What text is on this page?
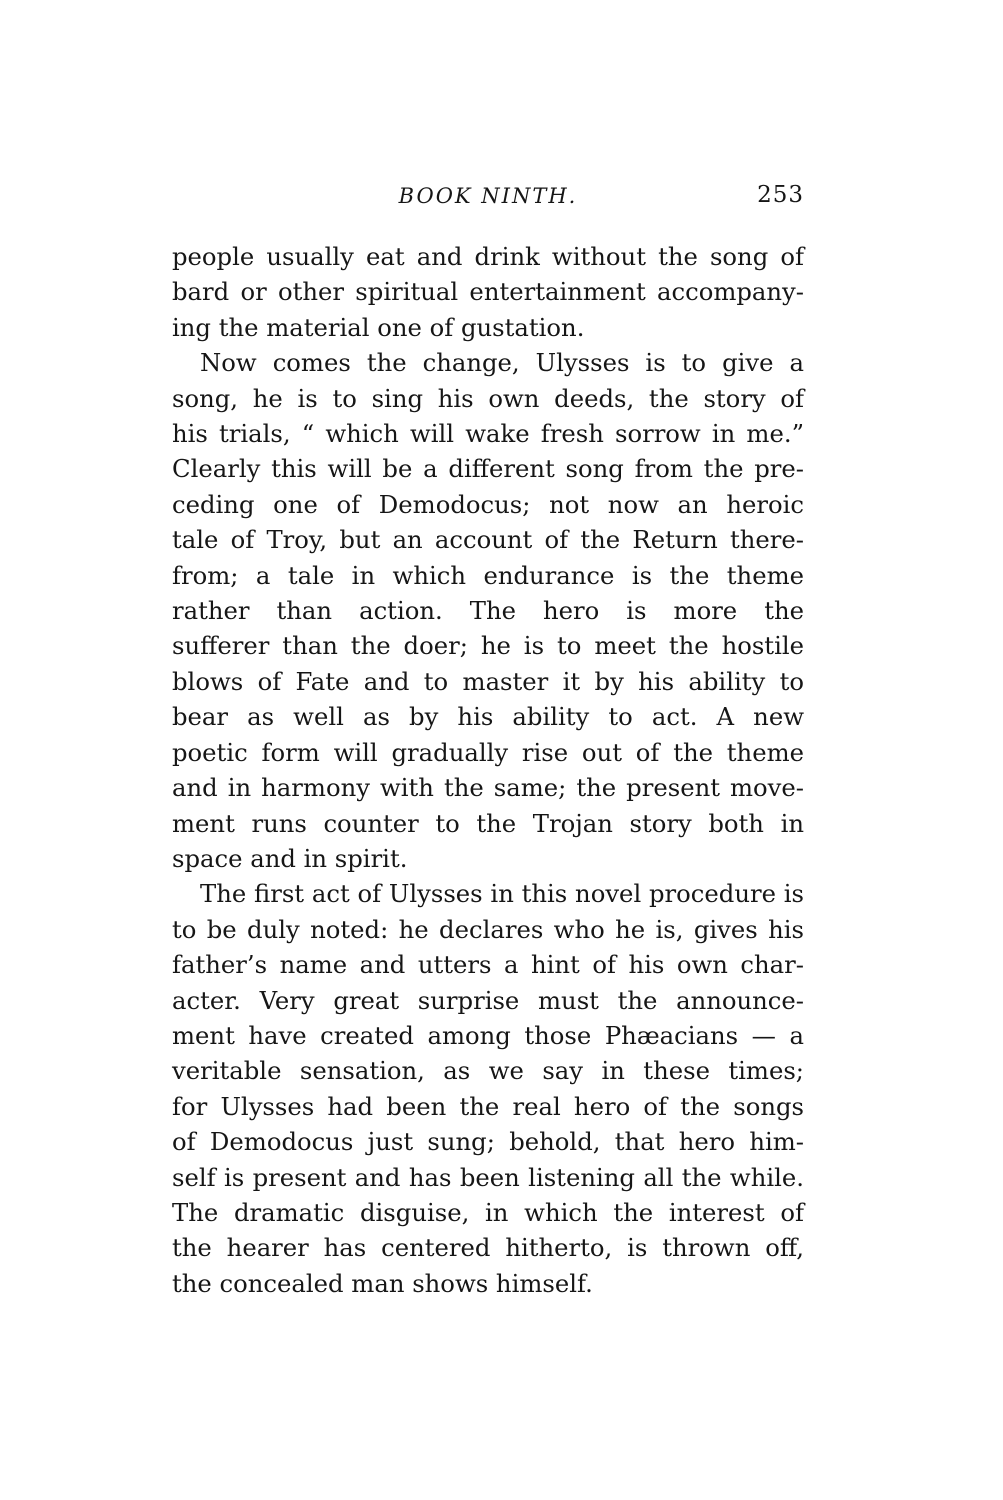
BOOK NINTH.	253

people usually eat and drink without the song of
bard or other spiritual entertainment accompany-
ing the material one of gustation.

Now comes the change, Ulysses is to give a
song, he is to sing his own deeds, the story of
his trials, “ which will wake fresh sorrow in me.”
Clearly this will be a different song from the pre-
ceding one of Demodocus; not now an heroic
tale of Troy, but an account of the Return there-
from; a tale in which endurance is the theme
rather than action. The hero is more the
sufferer than the doer; he is to meet the hostile
blows of Fate and to master it by his ability to
bear as well as by his ability to act. A new
poetic form will gradually rise out of the theme
and in harmony with the same; the present move-
ment runs counter to the Trojan story both in
space and in spirit.

The first act of Ulysses in this novel procedure is
to be duly noted: he declares who he is, gives his
father’s name and utters a hint of his own char-
acter. Very great surprise must the announce-
ment have created among those Phæacians — a
veritable sensation, as we say in these times;
for Ulysses had been the real hero of the songs
of Demodocus just sung; behold, that hero him-
self is present and has been listening all the while.
The dramatic disguise, in which the interest of
the hearer has centered hitherto, is thrown off,
the concealed man shows himself.
